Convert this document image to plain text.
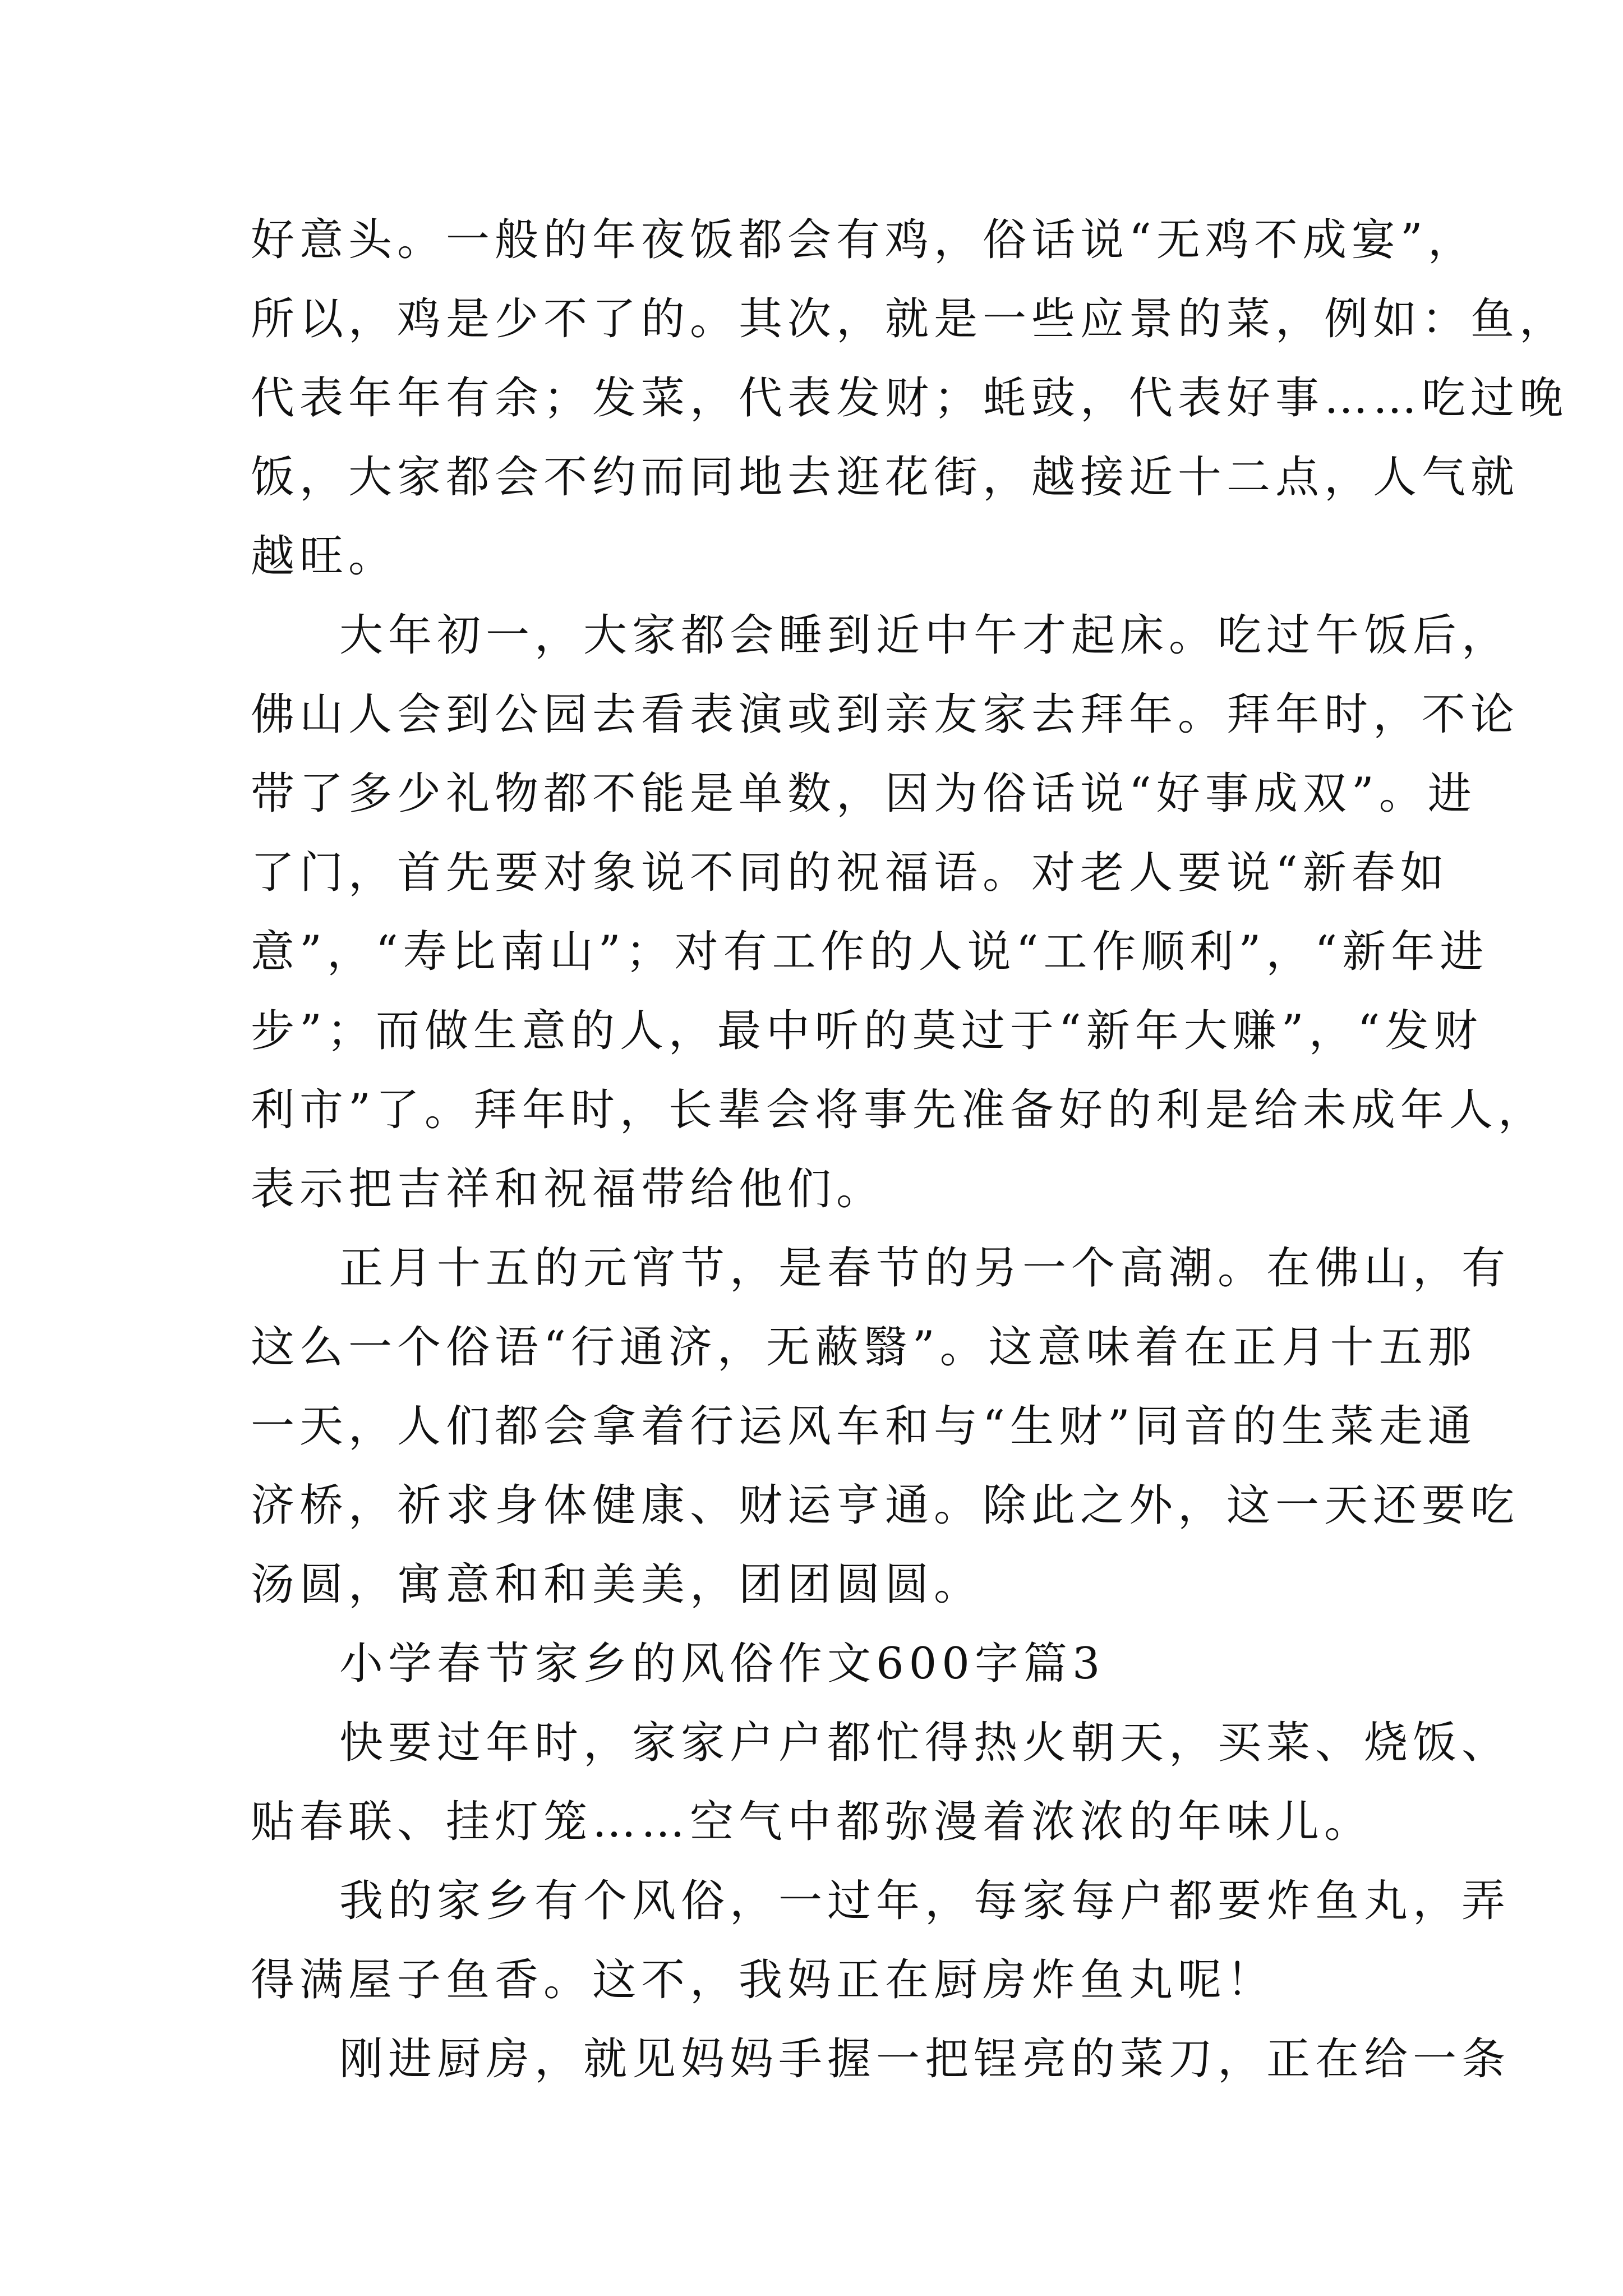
好意头。一般的年夜饭都会有鸡，俗话说“无鸡不成宴”，
所以，鸡是少不了的。其次，就是一些应景的菜，例如：鱼，
代表年年有余；发菜，代表发财；蚝豉，代表好事……吃过晚
饭，大家都会不约而同地去逛花街，越接近十二点，人气就
越旺。
大年初一，大家都会睡到近中午才起床。吃过午饭后，
佛山人会到公园去看表演或到亲友家去拜年。拜年时，不论
带了多少礼物都不能是单数，因为俗话说“好事成双”。进
了门，首先要对象说不同的祝福语。对老人要说“新春如
意”，“寿比南山”；对有工作的人说“工作顺利”，“新年进
步”；而做生意的人，最中听的莫过于“新年大赚”，“发财
利市”了。拜年时，长辈会将事先准备好的利是给未成年人，
表示把吉祥和祝福带给他们。
正月十五的元宵节，是春节的另一个高潮。在佛山，有
这么一个俗语“行通济，无蔽翳”。这意味着在正月十五那
一天，人们都会拿着行运风车和与“生财”同音的生菜走通
济桥，祈求身体健康、财运亨通。除此之外，这一天还要吃
汤圆，寓意和和美美，团团圆圆。
小学春节家乡的风俗作文600字篇3
快要过年时，家家户户都忙得热火朝天，买菜、烧饭、
贴春联、挂灯笼……空气中都弥漫着浓浓的年味儿。
我的家乡有个风俗，一过年，每家每户都要炸鱼丸，弄
得满屋子鱼香。这不，我妈正在厨房炸鱼丸呢！
刚进厨房，就见妈妈手握一把锃亮的菜刀，正在给一条
